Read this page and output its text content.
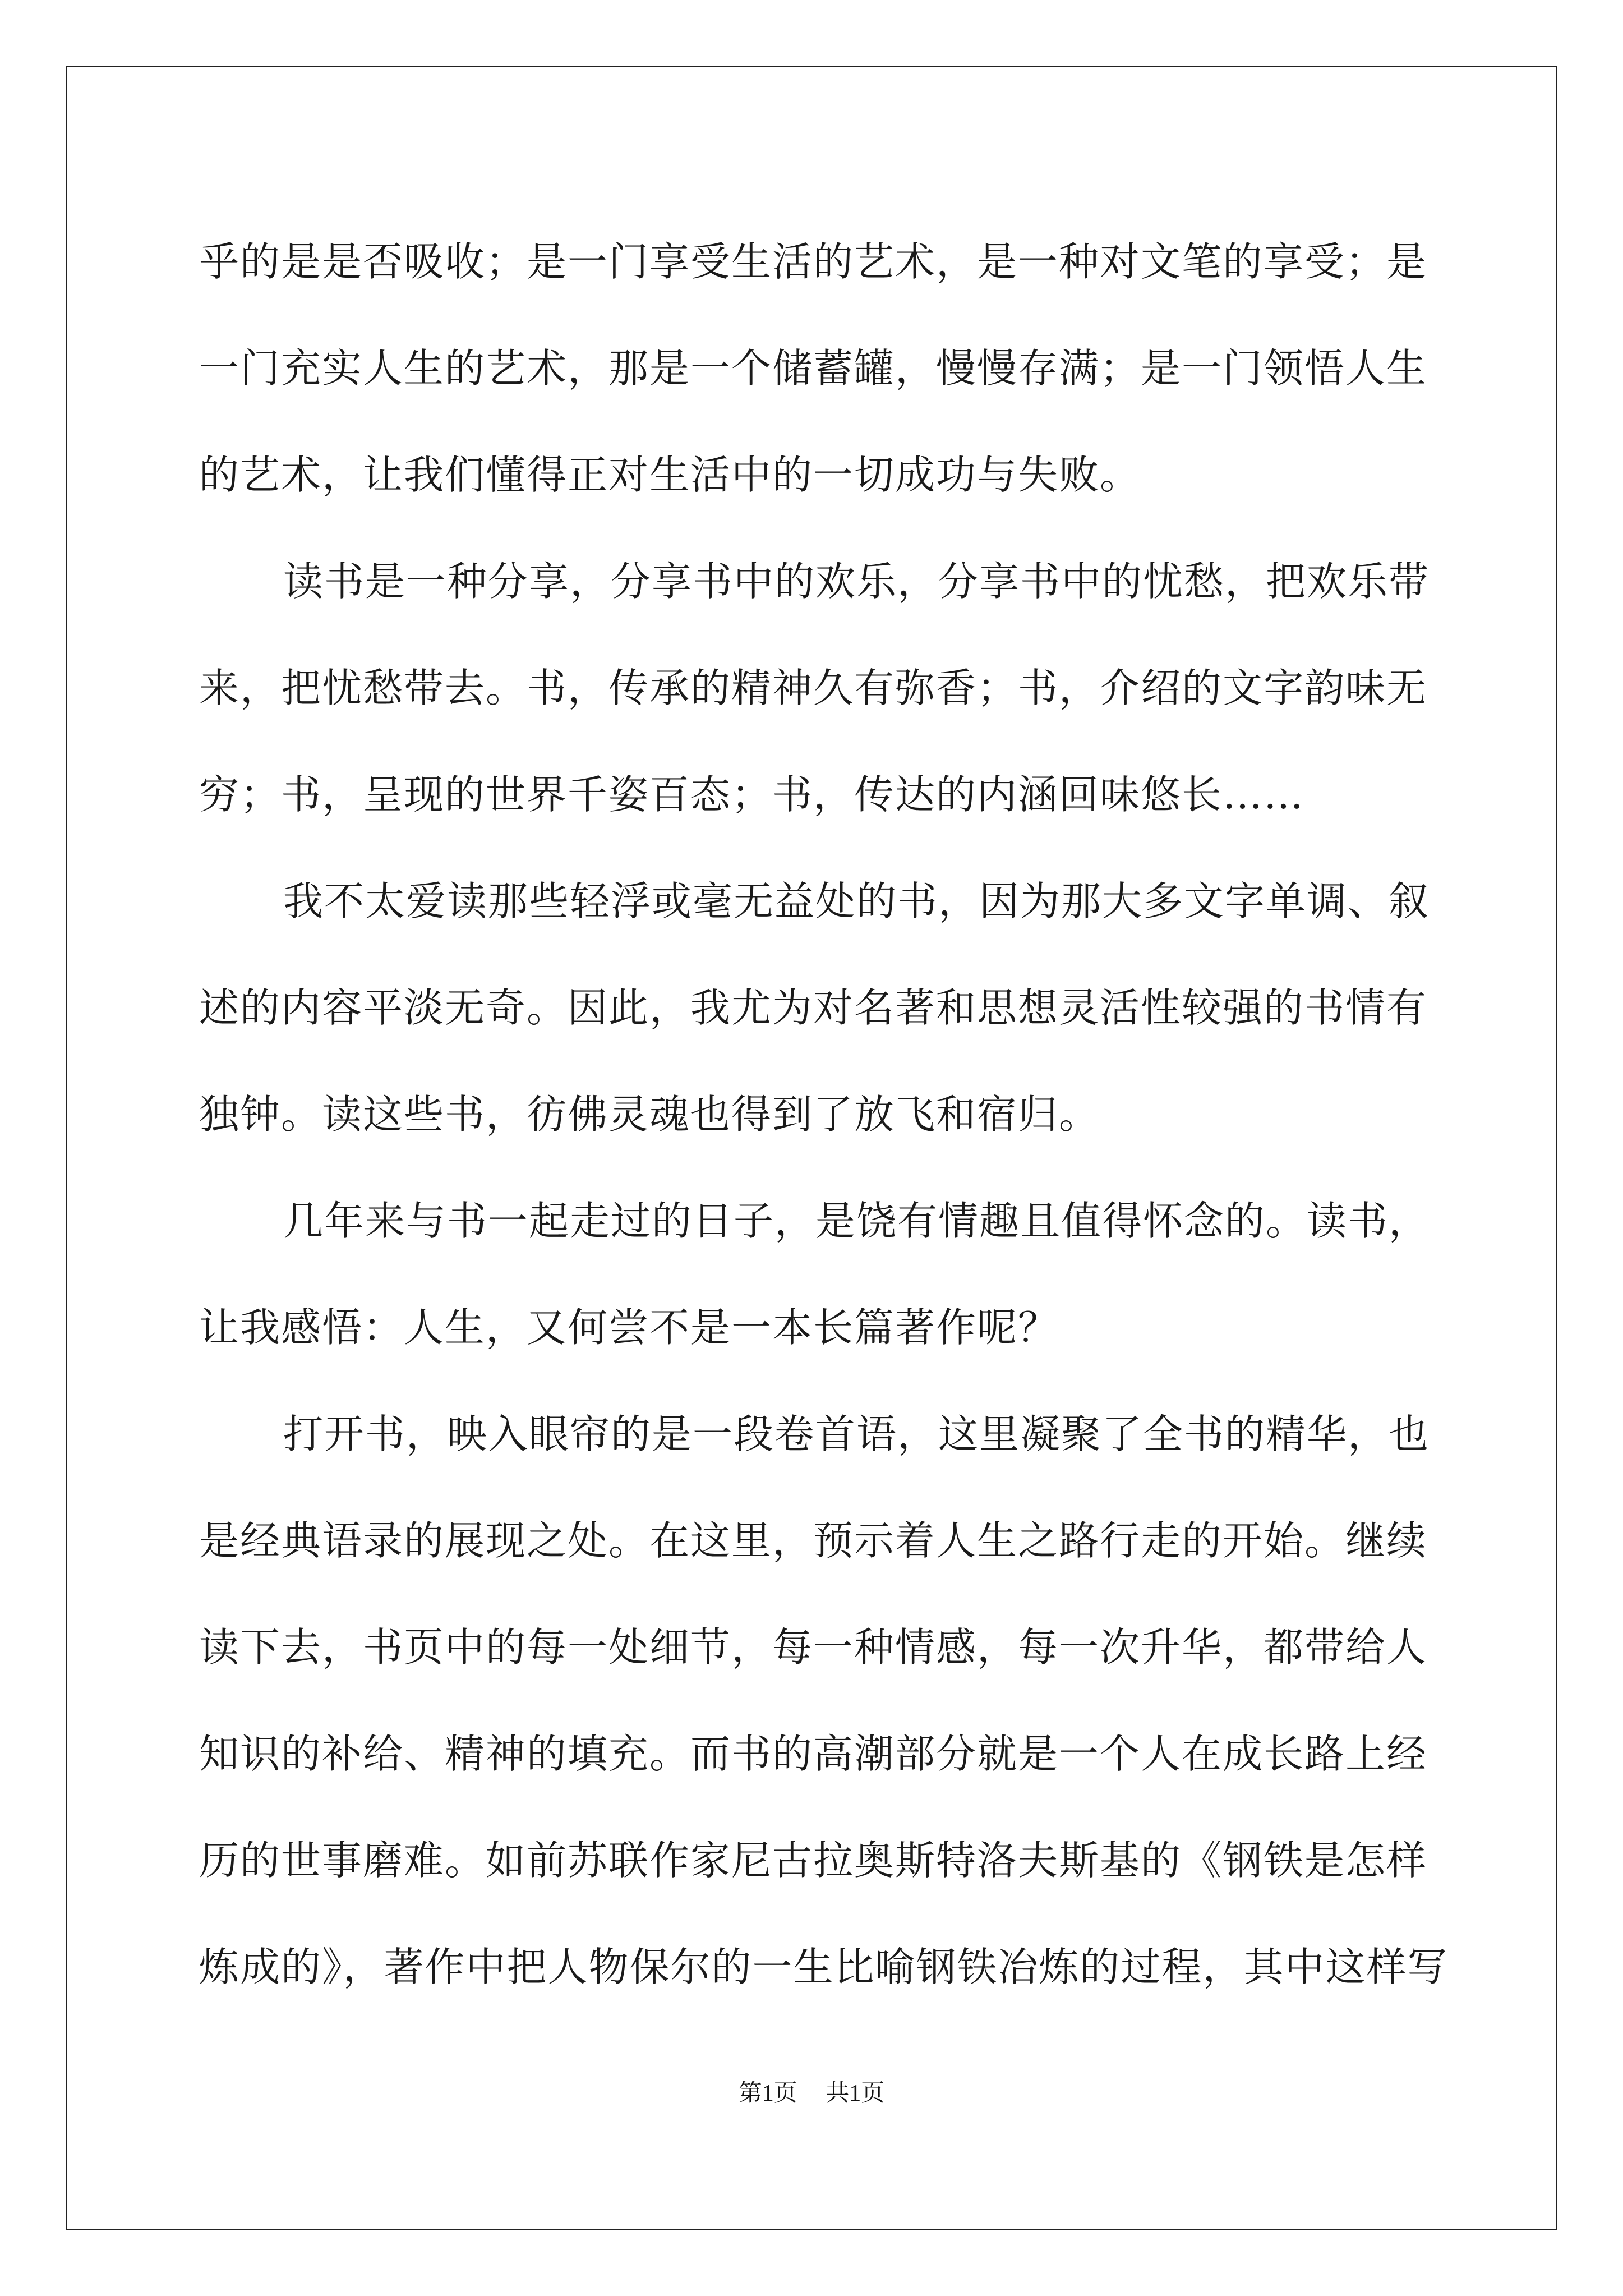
乎的是是否吸收；是一门享受生活的艺术，是一种对文笔的享受；是
一门充实人生的艺术，那是一个储蓄罐，慢慢存满；是一门领悟人生
的艺术，让我们懂得正对生活中的一切成功与失败。
读书是一种分享，分享书中的欢乐，分享书中的忧愁，把欢乐带
来，把忧愁带去。书，传承的精神久有弥香；书，介绍的文字韵味无
穷；书，呈现的世界千姿百态；书，传达的内涵回味悠长……
我不太爱读那些轻浮或毫无益处的书，因为那大多文字单调、叙
述的内容平淡无奇。因此，我尤为对名著和思想灵活性较强的书情有
独钟。读这些书，彷佛灵魂也得到了放飞和宿归。
几年来与书一起走过的日子，是饶有情趣且值得怀念的。读书，
让我感悟：人生，又何尝不是一本长篇著作呢？
打开书，映入眼帘的是一段卷首语，这里凝聚了全书的精华，也
是经典语录的展现之处。在这里，预示着人生之路行走的开始。继续
读下去，书页中的每一处细节，每一种情感，每一次升华，都带给人
知识的补给、精神的填充。而书的高潮部分就是一个人在成长路上经
历的世事磨难。如前苏联作家尼古拉奥斯特洛夫斯基的《钢铁是怎样
炼成的》，著作中把人物保尔的一生比喻钢铁冶炼的过程，其中这样写
第1页 共1页
